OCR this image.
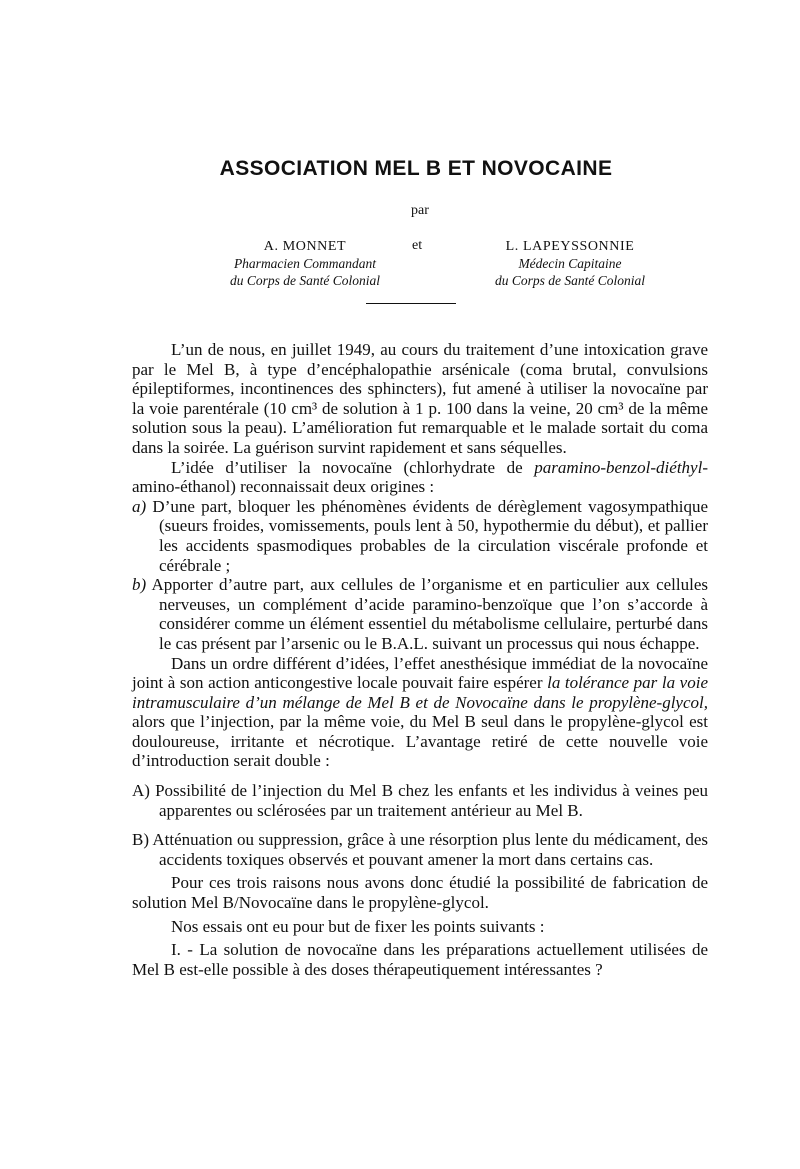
ASSOCIATION MEL B ET NOVOCAINE
par
A. MONNET
Pharmacien Commandant
du Corps de Santé Colonial
et	L. LAPEYSSONNIE
Médecin Capitaine
du Corps de Santé Colonial

L’un de nous, en juillet 1949, au cours du traitement d’une intoxication grave par le Mel B, à type d’encéphalopathie arsénicale (coma brutal, convulsions épileptiformes, incontinences des sphincters), fut amené à utiliser la novocaïne par la voie parentérale (10 cm³ de solution à 1 p. 100 dans la veine, 20 cm³ de la même solution sous la peau). L’amélioration fut remarquable et le malade sortait du coma dans la soirée. La guérison survint rapidement et sans séquelles.

L’idée d’utiliser la novocaïne (chlorhydrate de paramino-benzol-diéthyl-amino-éthanol) reconnaissait deux origines :

a) D’une part, bloquer les phénomènes évidents de dérèglement vagosympathique (sueurs froides, vomissements, pouls lent à 50, hypothermie du début), et pallier les accidents spasmodiques probables de la circulation viscérale profonde et cérébrale ;

b) Apporter d’autre part, aux cellules de l’organisme et en particulier aux cellules nerveuses, un complément d’acide paramino-benzoïque que l’on s’accorde à considérer comme un élément essentiel du métabolisme cellulaire, perturbé dans le cas présent par l’arsenic ou le B.A.L. suivant un processus qui nous échappe.

Dans un ordre différent d’idées, l’effet anesthésique immédiat de la novocaïne joint à son action anticongestive locale pouvait faire espérer la tolérance par la voie intramusculaire d’un mélange de Mel B et de Novocaïne dans le propylène-glycol, alors que l’injection, par la même voie, du Mel B seul dans le propylène-glycol est douloureuse, irritante et nécrotique. L’avantage retiré de cette nouvelle voie d’introduction serait double :

A) Possibilité de l’injection du Mel B chez les enfants et les individus à veines peu apparentes ou sclérosées par un traitement antérieur au Mel B.

B) Atténuation ou suppression, grâce à une résorption plus lente du médicament, des accidents toxiques observés et pouvant amener la mort dans certains cas.

Pour ces trois raisons nous avons donc étudié la possibilité de fabrication de solution Mel B/Novocaïne dans le propylène-glycol.

Nos essais ont eu pour but de fixer les points suivants :

I. - La solution de novocaïne dans les préparations actuellement utilisées de Mel B est-elle possible à des doses thérapeutiquement intéressantes ?
